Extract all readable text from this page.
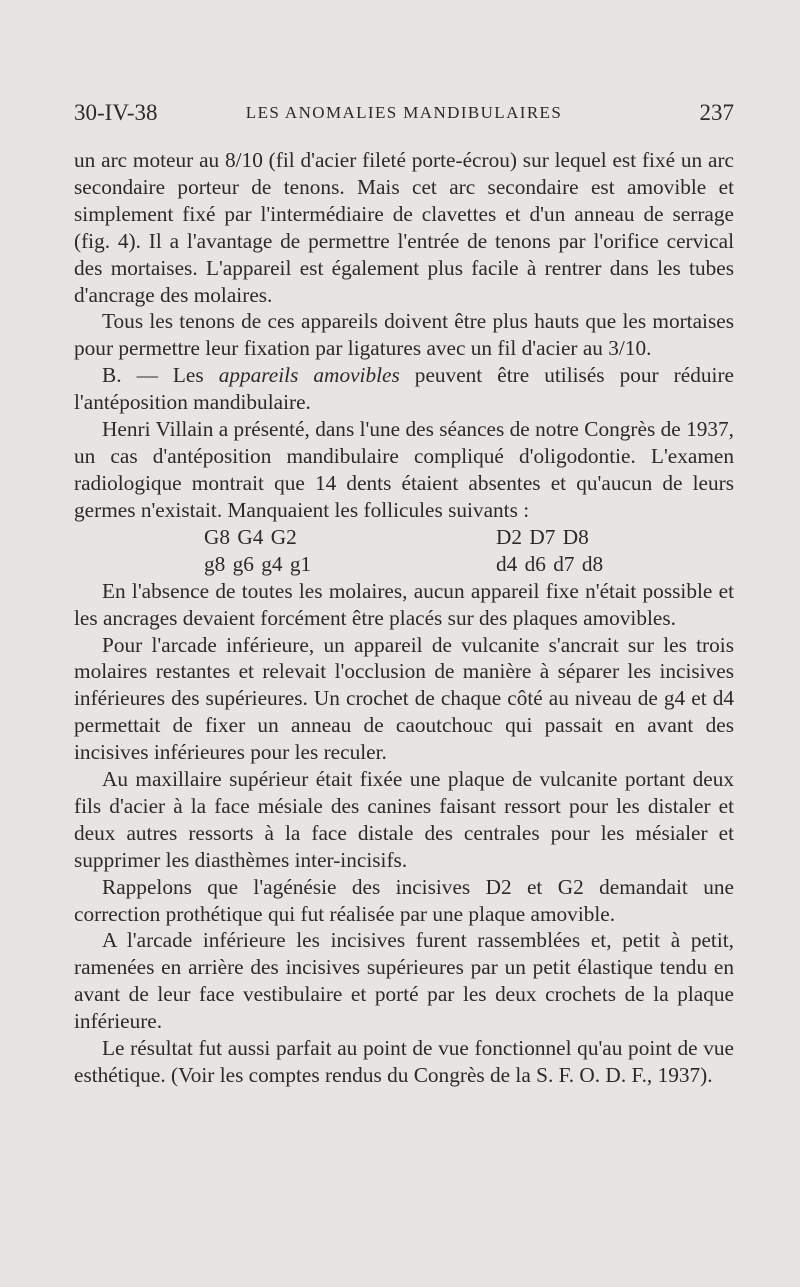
30-IV-38	LES ANOMALIES MANDIBULAIRES	237

un arc moteur au 8/10 (fil d'acier fileté porte-écrou) sur lequel est fixé un arc secondaire porteur de tenons. Mais cet arc secondaire est amovible et simplement fixé par l'intermédiaire de clavettes et d'un anneau de serrage (fig. 4). Il a l'avantage de permettre l'entrée de tenons par l'orifice cervical des mortaises. L'appareil est également plus facile à rentrer dans les tubes d'ancrage des molaires.

Tous les tenons de ces appareils doivent être plus hauts que les mortaises pour permettre leur fixation par ligatures avec un fil d'acier au 3/10.

B. — Les appareils amovibles peuvent être utilisés pour réduire l'antéposition mandibulaire.

Henri Villain a présenté, dans l'une des séances de notre Congrès de 1937, un cas d'antéposition mandibulaire compliqué d'oligodontie. L'examen radiologique montrait que 14 dents étaient absentes et qu'aucun de leurs germes n'existait. Manquaient les follicules suivants :

G8 G4 G2
g8 g6 g4 g1
D2 D7 D8
d4 d6 d7 d8

En l'absence de toutes les molaires, aucun appareil fixe n'était possible et les ancrages devaient forcément être placés sur des plaques amovibles.

Pour l'arcade inférieure, un appareil de vulcanite s'ancrait sur les trois molaires restantes et relevait l'occlusion de manière à séparer les incisives inférieures des supérieures. Un crochet de chaque côté au niveau de g4 et d4 permettait de fixer un anneau de caoutchouc qui passait en avant des incisives inférieures pour les reculer.

Au maxillaire supérieur était fixée une plaque de vulcanite portant deux fils d'acier à la face mésiale des canines faisant ressort pour les distaler et deux autres ressorts à la face distale des centrales pour les mésialer et supprimer les diasthèmes inter-incisifs.

Rappelons que l'agénésie des incisives D2 et G2 demandait une correction prothétique qui fut réalisée par une plaque amovible.

A l'arcade inférieure les incisives furent rassemblées et, petit à petit, ramenées en arrière des incisives supérieures par un petit élastique tendu en avant de leur face vestibulaire et porté par les deux crochets de la plaque inférieure.

Le résultat fut aussi parfait au point de vue fonctionnel qu'au point de vue esthétique. (Voir les comptes rendus du Congrès de la S. F. O. D. F., 1937).
